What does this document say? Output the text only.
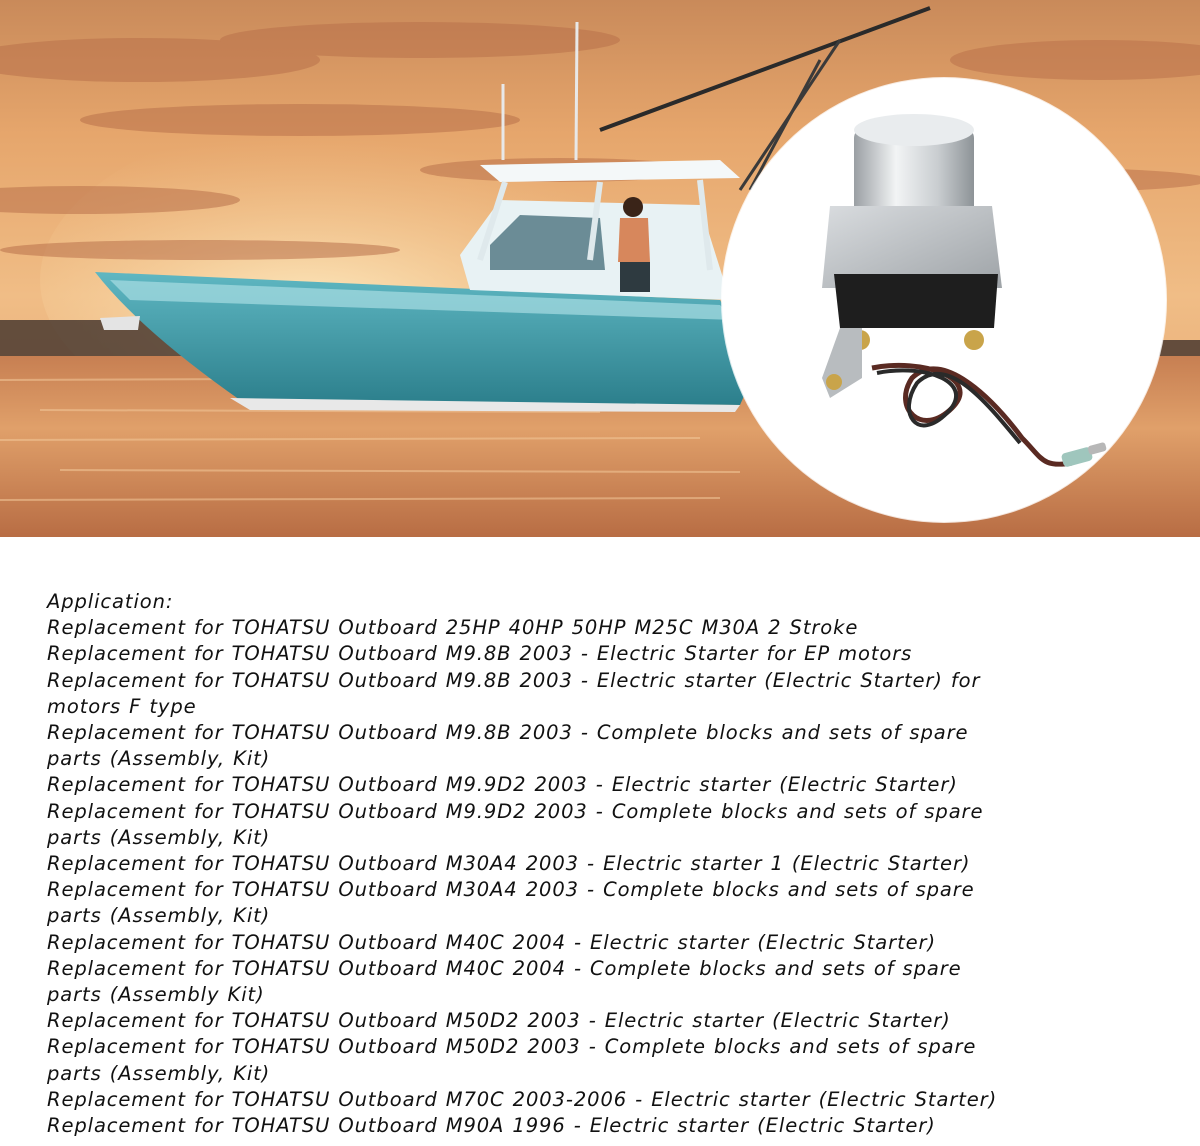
Application:
Replacement for TOHATSU Outboard 25HP 40HP 50HP M25C M30A 2 Stroke
Replacement for TOHATSU Outboard M9.8B 2003 - Electric Starter for EP motors
Replacement for TOHATSU Outboard M9.8B 2003 - Electric starter (Electric Starter) for
motors F type
Replacement for TOHATSU Outboard M9.8B 2003 - Complete blocks and sets of spare
parts (Assembly, Kit)
Replacement for TOHATSU Outboard M9.9D2 2003 - Electric starter (Electric Starter)
Replacement for TOHATSU Outboard M9.9D2 2003 - Complete blocks and sets of spare
parts (Assembly, Kit)
Replacement for TOHATSU Outboard M30A4 2003 - Electric starter 1 (Electric Starter)
Replacement for TOHATSU Outboard M30A4 2003 - Complete blocks and sets of spare
parts (Assembly, Kit)
Replacement for TOHATSU Outboard M40C 2004 - Electric starter (Electric Starter)
Replacement for TOHATSU Outboard M40C 2004 - Complete blocks and sets of spare
parts (Assembly Kit)
Replacement for TOHATSU Outboard M50D2 2003 - Electric starter (Electric Starter)
Replacement for TOHATSU Outboard M50D2 2003 - Complete blocks and sets of spare
parts (Assembly, Kit)
Replacement for TOHATSU Outboard M70C 2003-2006 - Electric starter (Electric Starter)
Replacement for TOHATSU Outboard M90A 1996 - Electric starter (Electric Starter)
